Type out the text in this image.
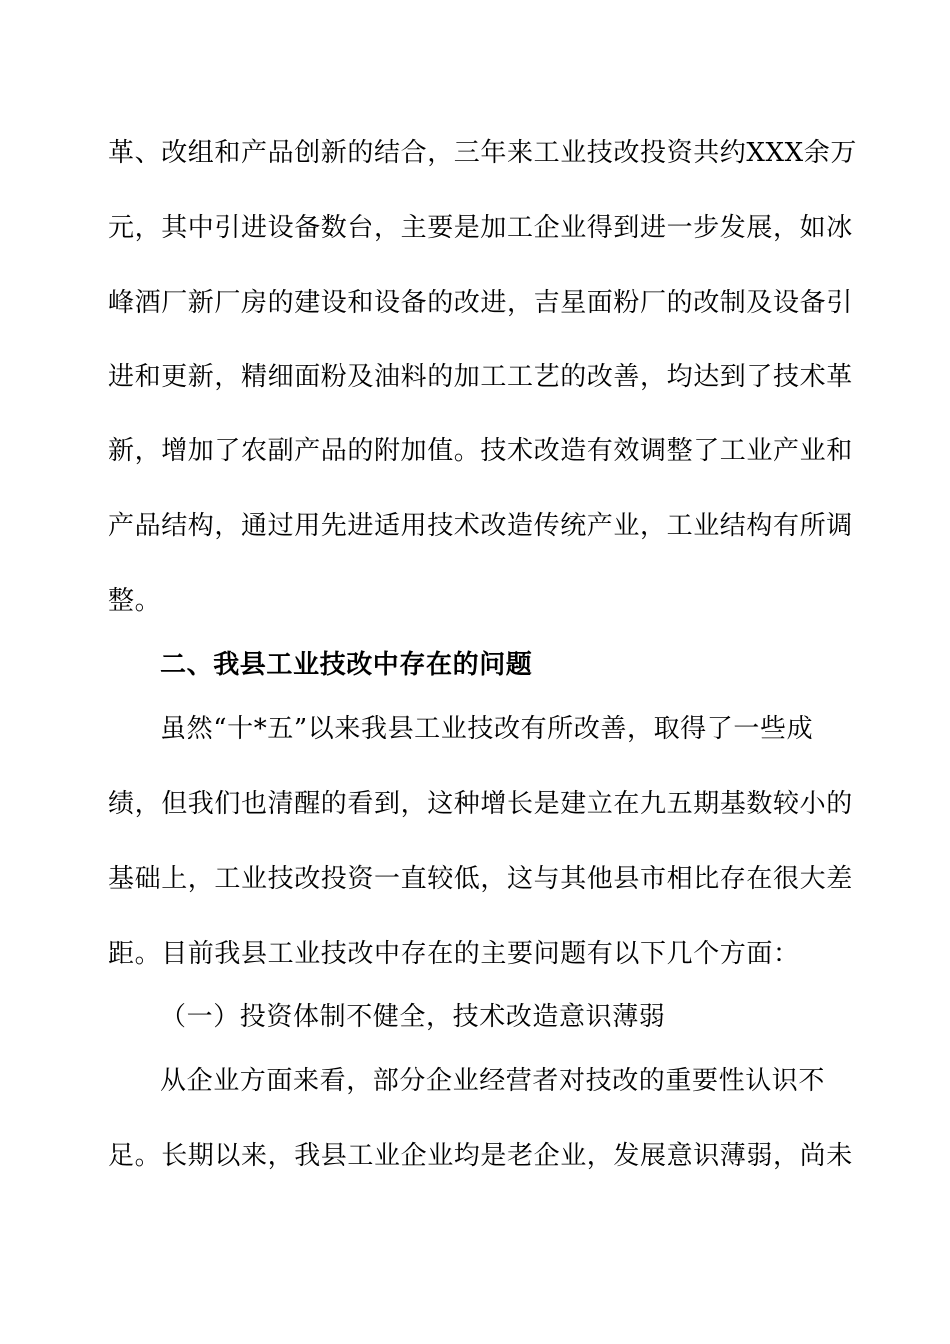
革、改组和产品创新的结合，三年来工业技改投资共约XXX余万
元，其中引进设备数台，主要是加工企业得到进一步发展，如冰
峰酒厂新厂房的建设和设备的改进，吉星面粉厂的改制及设备引
进和更新，精细面粉及油料的加工工艺的改善，均达到了技术革
新，增加了农副产品的附加值。技术改造有效调整了工业产业和
产品结构，通过用先进适用技术改造传统产业，工业结构有所调
整。
二、我县工业技改中存在的问题
虽然“十*五”以来我县工业技改有所改善，取得了一些成
绩，但我们也清醒的看到，这种增长是建立在九五期基数较小的
基础上，工业技改投资一直较低，这与其他县市相比存在很大差
距。目前我县工业技改中存在的主要问题有以下几个方面：
（一）投资体制不健全，技术改造意识薄弱
从企业方面来看，部分企业经营者对技改的重要性认识不
足。长期以来，我县工业企业均是老企业，发展意识薄弱，尚未
